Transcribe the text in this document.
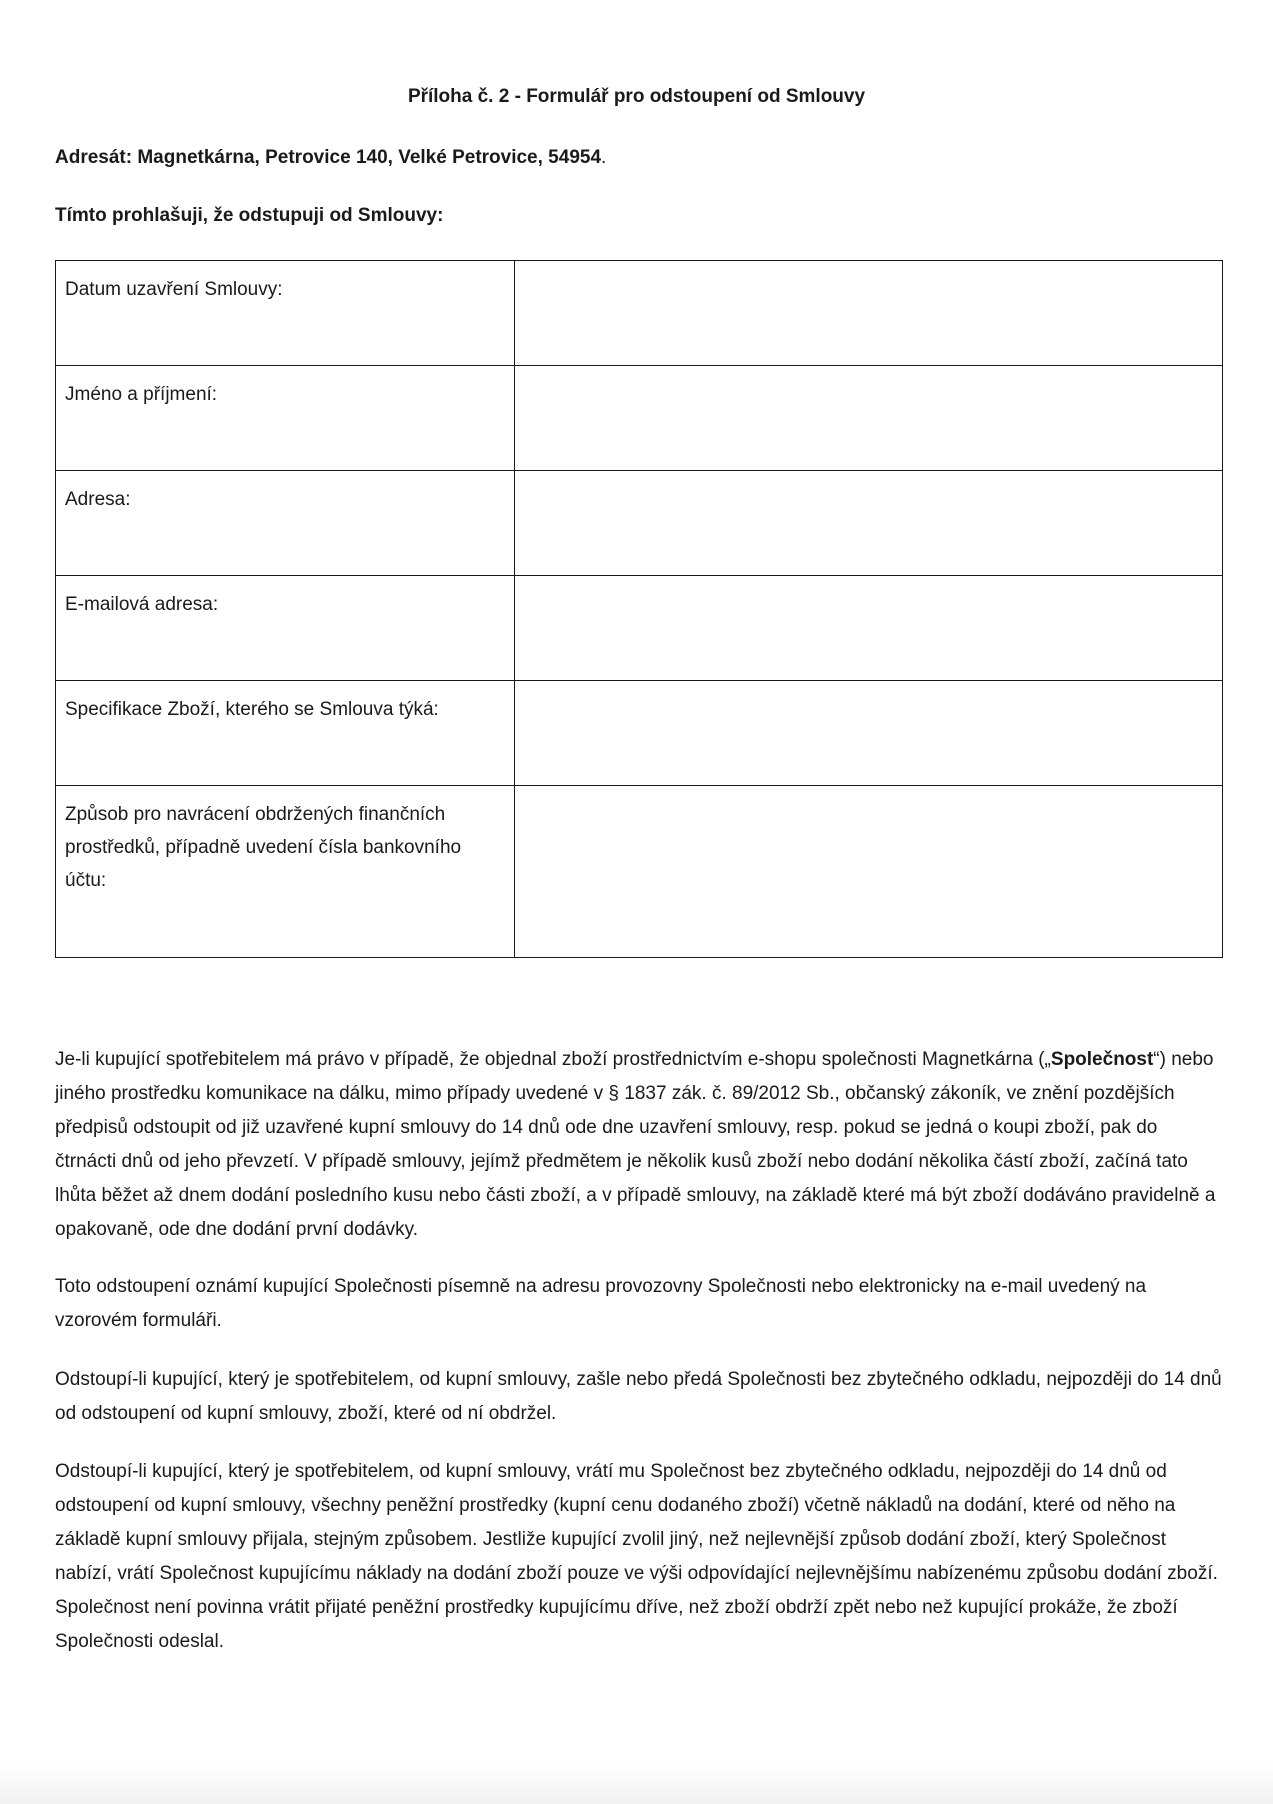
Příloha č. 2 - Formulář pro odstoupení od Smlouvy
Adresát: Magnetkárna, Petrovice 140, Velké Petrovice, 54954.
Tímto prohlašuji, že odstupuji od Smlouvy:
Datum uzavření Smlouvy:	
Jméno a příjmení:	
Adresa:	
E-mailová adresa:	
Specifikace Zboží, kterého se Smlouva týká:	
Způsob pro navrácení obdržených finančních prostředků, případně uvedení čísla bankovního účtu:	

Je-li kupující spotřebitelem má právo v případě, že objednal zboží prostřednictvím e-shopu společnosti Magnetkárna („Společnost“) nebo jiného prostředku komunikace na dálku, mimo případy uvedené v § 1837 zák. č. 89/2012 Sb., občanský zákoník, ve znění pozdějších předpisů odstoupit od již uzavřené kupní smlouvy do 14 dnů ode dne uzavření smlouvy, resp. pokud se jedná o koupi zboží, pak do čtrnácti dnů od jeho převzetí. V případě smlouvy, jejímž předmětem je několik kusů zboží nebo dodání několika částí zboží, začíná tato lhůta běžet až dnem dodání posledního kusu nebo části zboží, a v případě smlouvy, na základě které má být zboží dodáváno pravidelně a opakovaně, ode dne dodání první dodávky.

Toto odstoupení oznámí kupující Společnosti písemně na adresu provozovny Společnosti nebo elektronicky na e-mail uvedený na vzorovém formuláři.

Odstoupí-li kupující, který je spotřebitelem, od kupní smlouvy, zašle nebo předá Společnosti bez zbytečného odkladu, nejpozději do 14 dnů od odstoupení od kupní smlouvy, zboží, které od ní obdržel.

Odstoupí-li kupující, který je spotřebitelem, od kupní smlouvy, vrátí mu Společnost bez zbytečného odkladu, nejpozději do 14 dnů od odstoupení od kupní smlouvy, všechny peněžní prostředky (kupní cenu dodaného zboží) včetně nákladů na dodání, které od něho na základě kupní smlouvy přijala, stejným způsobem. Jestliže kupující zvolil jiný, než nejlevnější způsob dodání zboží, který Společnost nabízí, vrátí Společnost kupujícímu náklady na dodání zboží pouze ve výši odpovídající nejlevnějšímu nabízenému způsobu dodání zboží. Společnost není povinna vrátit přijaté peněžní prostředky kupujícímu dříve, než zboží obdrží zpět nebo než kupující prokáže, že zboží Společnosti odeslal.
